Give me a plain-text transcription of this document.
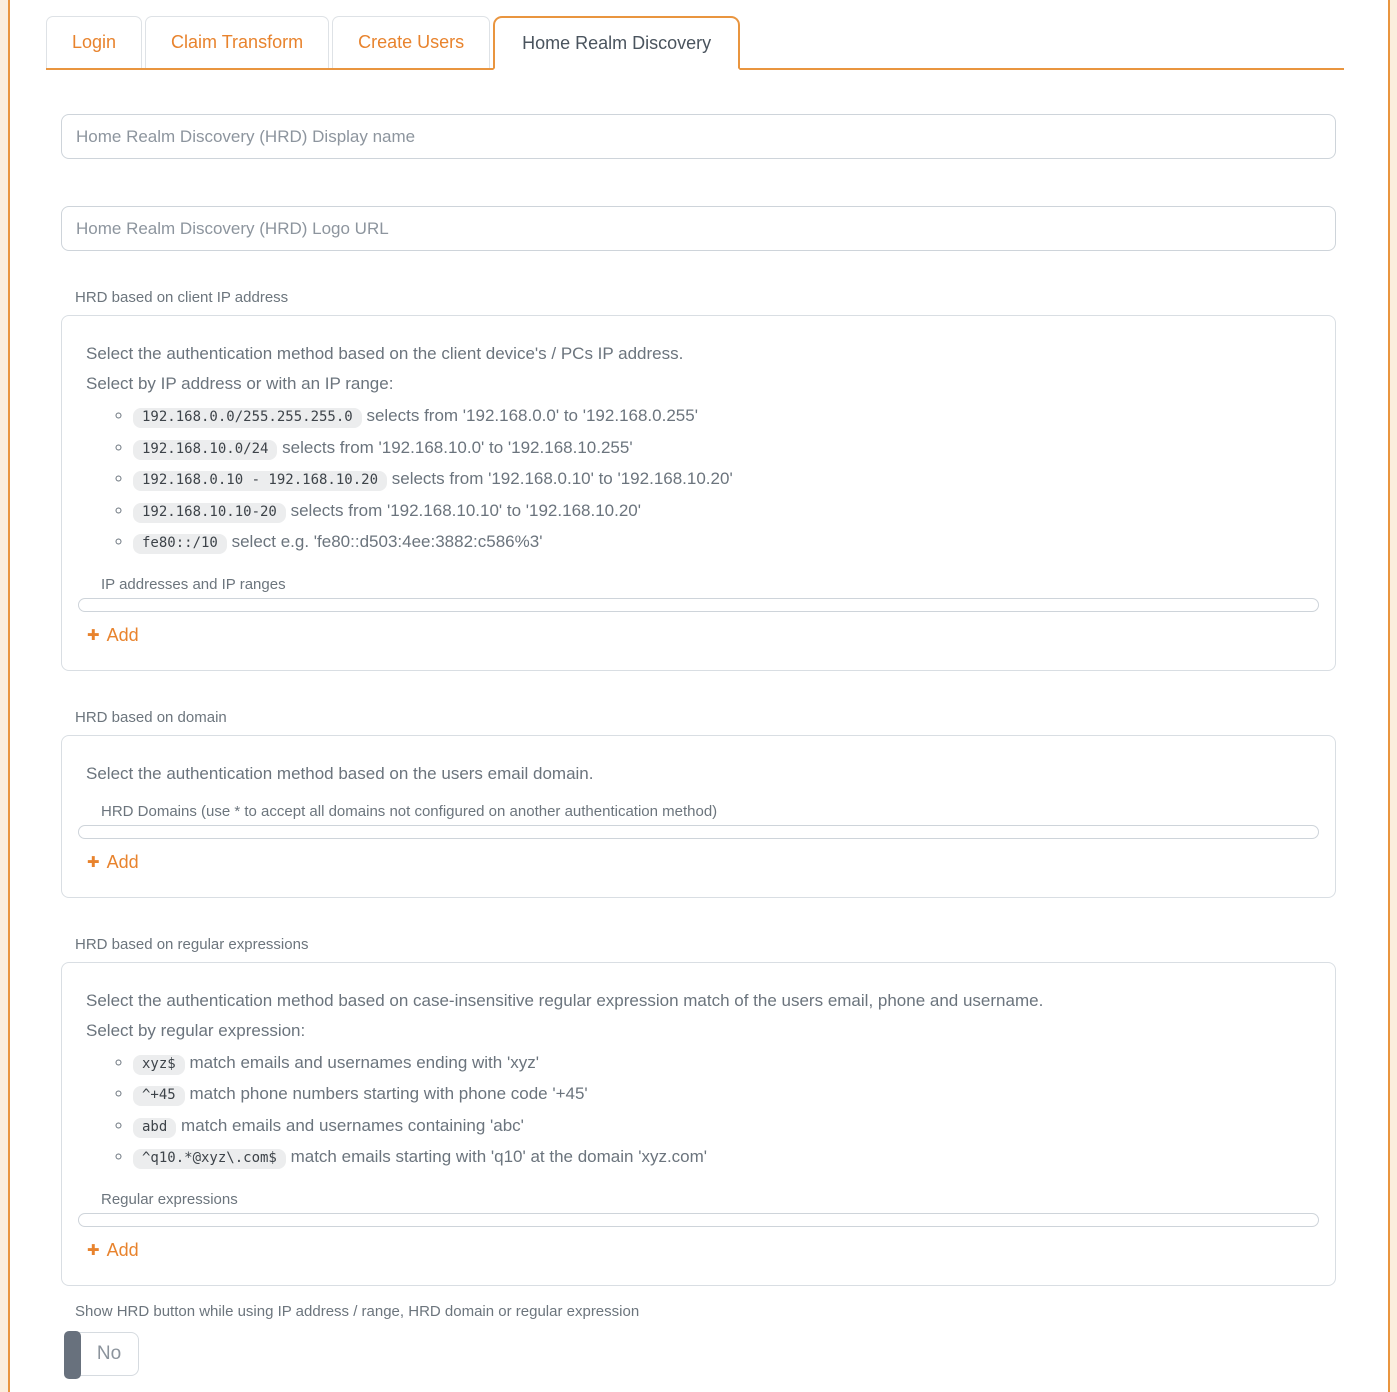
Login	Claim Transform	Create Users	Home Realm Discovery
Home Realm Discovery (HRD) Display name
Home Realm Discovery (HRD) Logo URL
HRD based on client IP address

Select the authentication method based on the client device's / PCs IP address.
Select by IP address or with an IP range:

◦ 192.168.0.0/255.255.255.0 selects from '192.168.0.0' to '192.168.0.255'
◦ 192.168.10.0/24 selects from '192.168.10.0' to '192.168.10.255'
◦ 192.168.0.10 - 192.168.10.20 selects from '192.168.0.10' to '192.168.10.20'
◦ 192.168.10.10-20 selects from '192.168.10.10' to '192.168.10.20'
◦ fe80::/10 select e.g. 'fe80::d503:4ee:3882:c586%3'
IP addresses and IP ranges
✚ Add
HRD based on domain

Select the authentication method based on the users email domain.

HRD Domains (use * to accept all domains not configured on another authentication method)
✚ Add
HRD based on regular expressions

Select the authentication method based on case-insensitive regular expression match of the users email, phone and username.
Select by regular expression:

◦ xyz$ match emails and usernames ending with 'xyz'
◦ ^+45 match phone numbers starting with phone code '+45'
◦ abd match emails and usernames containing 'abc'
◦ ^q10.*@xyz\.com$ match emails starting with 'q10' at the domain 'xyz.com'
Regular expressions
✚ Add
Show HRD button while using IP address / range, HRD domain or regular expression
No
